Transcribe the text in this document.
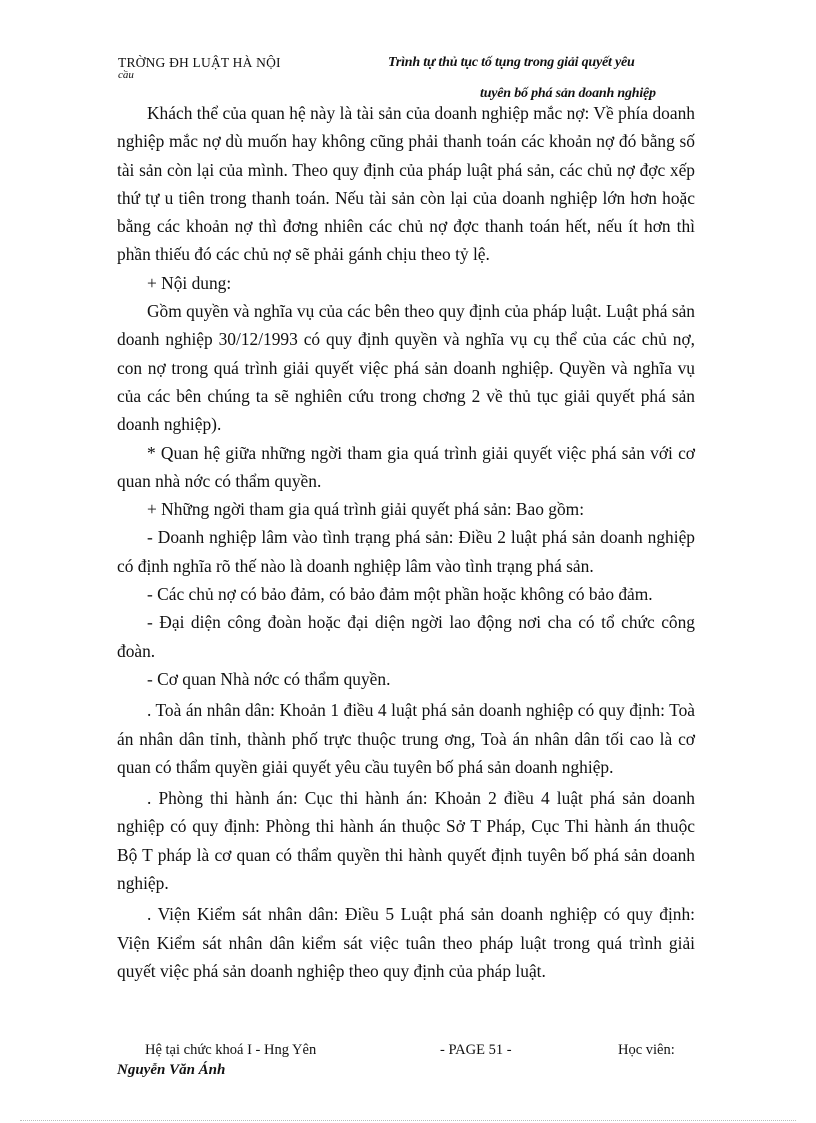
TRỜNG ĐH LUẬT HÀ NỘI
cầu
Trình tự thủ tục tố tụng trong giải quyết yêu
tuyên bố phá sản doanh nghiệp

Khách thể của quan hệ này là tài sản của doanh nghiệp mắc nợ: Về phía doanh nghiệp mắc nợ dù muốn hay không cũng phải thanh toán các khoản nợ đó bằng số tài sản còn lại của mình. Theo quy định của pháp luật phá sản, các chủ nợ đợc xếp thứ tự u tiên trong thanh toán. Nếu tài sản còn lại của doanh nghiệp lớn hơn hoặc bằng các khoản nợ thì đơng nhiên các chủ nợ đợc thanh toán hết, nếu ít hơn thì phần thiếu đó các chủ nợ sẽ phải gánh chịu theo tỷ lệ.

+ Nội dung:

Gồm quyền và nghĩa vụ của các bên theo quy định của pháp luật. Luật phá sản doanh nghiệp 30/12/1993 có quy định quyền và nghĩa vụ cụ thể của các chủ nợ, con nợ trong quá trình giải quyết việc phá sản doanh nghiệp. Quyền và nghĩa vụ của các bên chúng ta sẽ nghiên cứu trong chơng 2 về thủ tục giải quyết phá sản doanh nghiệp).

* Quan hệ giữa những ngời tham gia quá trình giải quyết việc phá sản với cơ quan nhà nớc có thẩm quyền.

+ Những ngời tham gia quá trình giải quyết phá sản: Bao gồm:

- Doanh nghiệp lâm vào tình trạng phá sản: Điều 2 luật phá sản doanh nghiệp có định nghĩa rõ thế nào là doanh nghiệp lâm vào tình trạng phá sản.

- Các chủ nợ có bảo đảm, có bảo đảm một phần hoặc không có bảo đảm.

- Đại diện công đoàn hoặc đại diện ngời lao động nơi cha có tổ chức công đoàn.

- Cơ quan Nhà nớc có thẩm quyền.

. Toà án nhân dân: Khoản 1 điều 4 luật phá sản doanh nghiệp có quy định: Toà án nhân dân tỉnh, thành phố trực thuộc trung ơng, Toà án nhân dân tối cao là cơ quan có thẩm quyền giải quyết yêu cầu tuyên bố phá sản doanh nghiệp.

. Phòng thi hành án: Cục thi hành án: Khoản 2 điều 4 luật phá sản doanh nghiệp có quy định: Phòng thi hành án thuộc Sở T Pháp, Cục Thi hành án thuộc Bộ T pháp là cơ quan có thẩm quyền thi hành quyết định tuyên bố phá sản doanh nghiệp.

. Viện Kiểm sát nhân dân: Điều 5 Luật phá sản doanh nghiệp có quy định: Viện Kiểm sát nhân dân kiểm sát việc tuân theo pháp luật trong quá trình giải quyết việc phá sản doanh nghiệp theo quy định của pháp luật.

Hệ tại chức khoá I - Hng Yên	- PAGE 51 -	Học viên:
Nguyễn Văn Ánh
